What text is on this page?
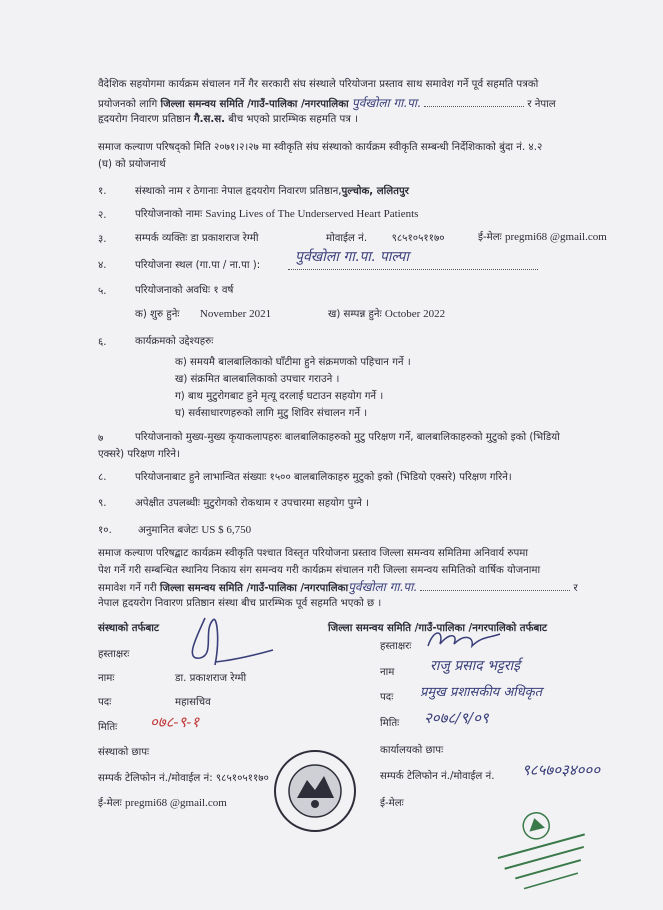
वैदेशिक सहयोगमा कार्यक्रम संचालन गर्ने गैर सरकारी संघ संस्थाले परियोजना प्रस्ताव साथ समावेश गर्ने पूर्व सहमति पत्रको
प्रयोजनको लागि जिल्ला समन्वय समिति /गाउँ-पालिका /नगरपालिका पुर्वखोला गा.पा.	र नेपाल
हृदयरोग निवारण प्रतिष्ठान गै.स.स. बीच भएको प्रारम्भिक सहमति पत्र ।
समाज कल्याण परिषद्को मिति २०७१।२।२७ मा स्वीकृति संघ संस्थाको कार्यक्रम स्वीकृति सम्बन्धी निर्देशिकाको बुंदा नं. ४.२
(घ) को प्रयोजनार्थ
१.	संस्थाको नाम र ठेगानाः नेपाल हृदयरोग निवारण प्रतिष्ठान,पुल्चोक, ललितपुर
२.	परियोजनाको नामः Saving Lives of The Underserved Heart Patients
३.	सम्पर्क व्यक्तिः डा प्रकाशराज रेग्मी	मोवाईल नं. ९८५१०५११७०	ई-मेलः pregmi68 @gmail.com
४.	परियोजना स्थल (गा.पा / ना.पा ):
पुर्वखोला गा.पा. पाल्पा
५.	परियोजनाको अवधिः १ वर्ष
क) शुरु हुनेः November 2021	ख) सम्पन्न हुनेः October 2022
६.	कार्यक्रमको उद्देश्यहरुः
क) समयमै बालबालिकाको घाँटीमा हुने संक्रमणको पहिचान गर्ने ।
ख) संक्रमित बालबालिकाको उपचार गराउने ।
ग) बाथ मुटुरोगबाट हुने मृत्यू दरलाई घटाउन सहयोग गर्ने ।
घ) सर्वसाधारणहरुको लागि मुटु शिविर संचालन गर्ने ।
७	परियोजनाको मुख्य-मुख्य कृयाकलापहरुः बालबालिकाहरुको मुटु परिक्षण गर्ने, बालबालिकाहरुको मुटुको इको (भिडियो
एक्सरे) परिक्षण गरिने।
८.	परियोजनाबाट हुने लाभान्वित संख्याः १५०० बालबालिकाहरु मुटुको इको (भिडियो एक्सरे) परिक्षण गरिने।
९.	अपेक्षीत उपलब्धीः मुटुरोगको रोकथाम र उपचारमा सहयोग पुग्ने ।
१०.	अनुमानित बजेटः US $ 6,750
समाज कल्याण परिषद्बाट कार्यक्रम स्वीकृति पश्चात विस्तृत परियोजना प्रस्ताव जिल्ला समन्वय समितिमा अनिवार्य रुपमा
पेश गर्ने गरी सम्बन्धित स्थानिय निकाय संग समन्वय गरी कार्यक्रम संचालन गरी जिल्ला समन्वय समितिको वार्षिक योजनामा
समावेश गर्ने गरी जिल्ला समन्वय समिति /गाउँ-पालिका /नगरपालिकापुर्वखोला गा.पा.	र
नेपाल हृदयरोग निवारण प्रतिष्ठान संस्था बीच प्रारम्भिक पूर्व सहमति भएको छ ।
संस्थाको तर्फबाट
हस्ताक्षरः
नामः	डा. प्रकाशराज रेग्मी
पदः	महासचिव
मितिः ०७८-९-१
संस्थाको छापः
सम्पर्क टेलिफोन नं./मोवाईल नं: ९८५१०५११७०
ई-मेलः pregmi68 @gmail.com
जिल्ला समन्वय समिति /गाउँ-पालिका /नगरपालिको तर्फबाट
हस्ताक्षरः
नाम	राजु प्रसाद भट्टराई
पदः प्रमुख प्रशासकीय अधिकृत
मितिः २०७८/९/०९
कार्यालयको छापः
सम्पर्क टेलिफोन नं./मोवाईल नं. ९८५७०३४०००
ई-मेलः
